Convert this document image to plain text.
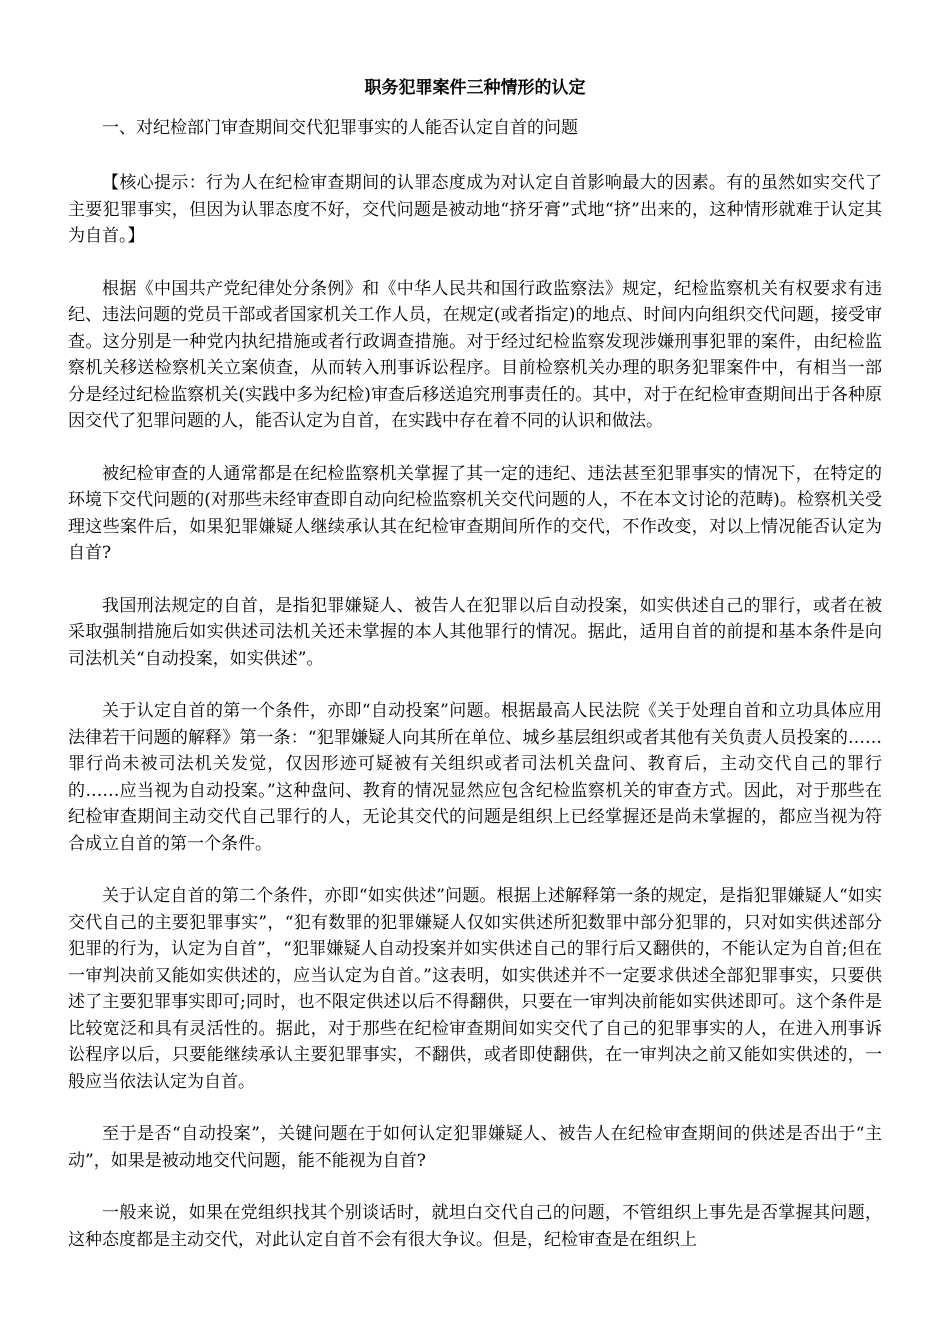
职务犯罪案件三种情形的认定
一、对纪检部门审查期间交代犯罪事实的人能否认定自首的问题

【核心提示：行为人在纪检审查期间的认罪态度成为对认定自首影响最大的因素。有的虽然如实交代了主要犯罪事实，但因为认罪态度不好，交代问题是被动地“挤牙膏”式地“挤”出来的，这种情形就难于认定其为自首。】

根据《中国共产党纪律处分条例》和《中华人民共和国行政监察法》规定，纪检监察机关有权要求有违纪、违法问题的党员干部或者国家机关工作人员，在规定(或者指定)的地点、时间内向组织交代问题，接受审查。这分别是一种党内执纪措施或者行政调查措施。对于经过纪检监察发现涉嫌刑事犯罪的案件，由纪检监察机关移送检察机关立案侦查，从而转入刑事诉讼程序。目前检察机关办理的职务犯罪案件中，有相当一部分是经过纪检监察机关(实践中多为纪检)审查后移送追究刑事责任的。其中，对于在纪检审查期间出于各种原因交代了犯罪问题的人，能否认定为自首，在实践中存在着不同的认识和做法。

被纪检审查的人通常都是在纪检监察机关掌握了其一定的违纪、违法甚至犯罪事实的情况下，在特定的环境下交代问题的(对那些未经审查即自动向纪检监察机关交代问题的人，不在本文讨论的范畴)。检察机关受理这些案件后，如果犯罪嫌疑人继续承认其在纪检审查期间所作的交代，不作改变，对以上情况能否认定为自首?

我国刑法规定的自首，是指犯罪嫌疑人、被告人在犯罪以后自动投案，如实供述自己的罪行，或者在被采取强制措施后如实供述司法机关还未掌握的本人其他罪行的情况。据此，适用自首的前提和基本条件是向司法机关“自动投案，如实供述”。

关于认定自首的第一个条件，亦即“自动投案”问题。根据最高人民法院《关于处理自首和立功具体应用法律若干问题的解释》第一条：“犯罪嫌疑人向其所在单位、城乡基层组织或者其他有关负责人员投案的……罪行尚未被司法机关发觉，仅因形迹可疑被有关组织或者司法机关盘问、教育后，主动交代自己的罪行的……应当视为自动投案。”这种盘问、教育的情况显然应包含纪检监察机关的审查方式。因此，对于那些在纪检审查期间主动交代自己罪行的人，无论其交代的问题是组织上已经掌握还是尚未掌握的，都应当视为符合成立自首的第一个条件。

关于认定自首的第二个条件，亦即“如实供述”问题。根据上述解释第一条的规定，是指犯罪嫌疑人“如实交代自己的主要犯罪事实”，“犯有数罪的犯罪嫌疑人仅如实供述所犯数罪中部分犯罪的，只对如实供述部分犯罪的行为，认定为自首”，“犯罪嫌疑人自动投案并如实供述自己的罪行后又翻供的，不能认定为自首;但在一审判决前又能如实供述的，应当认定为自首。”这表明，如实供述并不一定要求供述全部犯罪事实，只要供述了主要犯罪事实即可;同时，也不限定供述以后不得翻供，只要在一审判决前能如实供述即可。这个条件是比较宽泛和具有灵活性的。据此，对于那些在纪检审查期间如实交代了自己的犯罪事实的人，在进入刑事诉讼程序以后，只要能继续承认主要犯罪事实，不翻供，或者即使翻供，在一审判决之前又能如实供述的，一般应当依法认定为自首。

至于是否“自动投案”，关键问题在于如何认定犯罪嫌疑人、被告人在纪检审查期间的供述是否出于“主动”，如果是被动地交代问题，能不能视为自首?

一般来说，如果在党组织找其个别谈话时，就坦白交代自己的问题，不管组织上事先是否掌握其问题，这种态度都是主动交代，对此认定自首不会有很大争议。但是，纪检审查是在组织上
